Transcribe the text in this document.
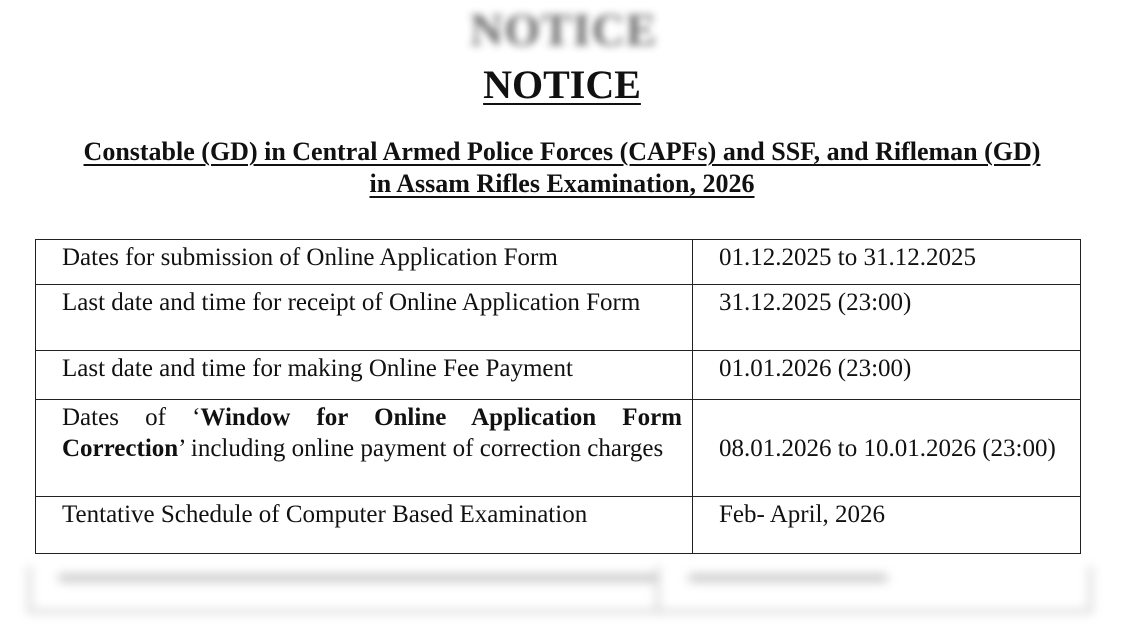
NOTICE
NOTICE
Constable (GD) in Central Armed Police Forces (CAPFs) and SSF, and Rifleman (GD)
in Assam Rifles Examination, 2026
Dates for submission of Online Application Form	01.12.2025 to 31.12.2025
Last date and time for receipt of Online Application Form	31.12.2025 (23:00)
Last date and time for making Online Fee Payment	01.01.2026 (23:00)
Dates of ‘Window for Online Application Form Correction’ including online payment of correction charges	08.01.2026 to 10.01.2026 (23:00)
Tentative Schedule of Computer Based Examination	Feb- April, 2026
